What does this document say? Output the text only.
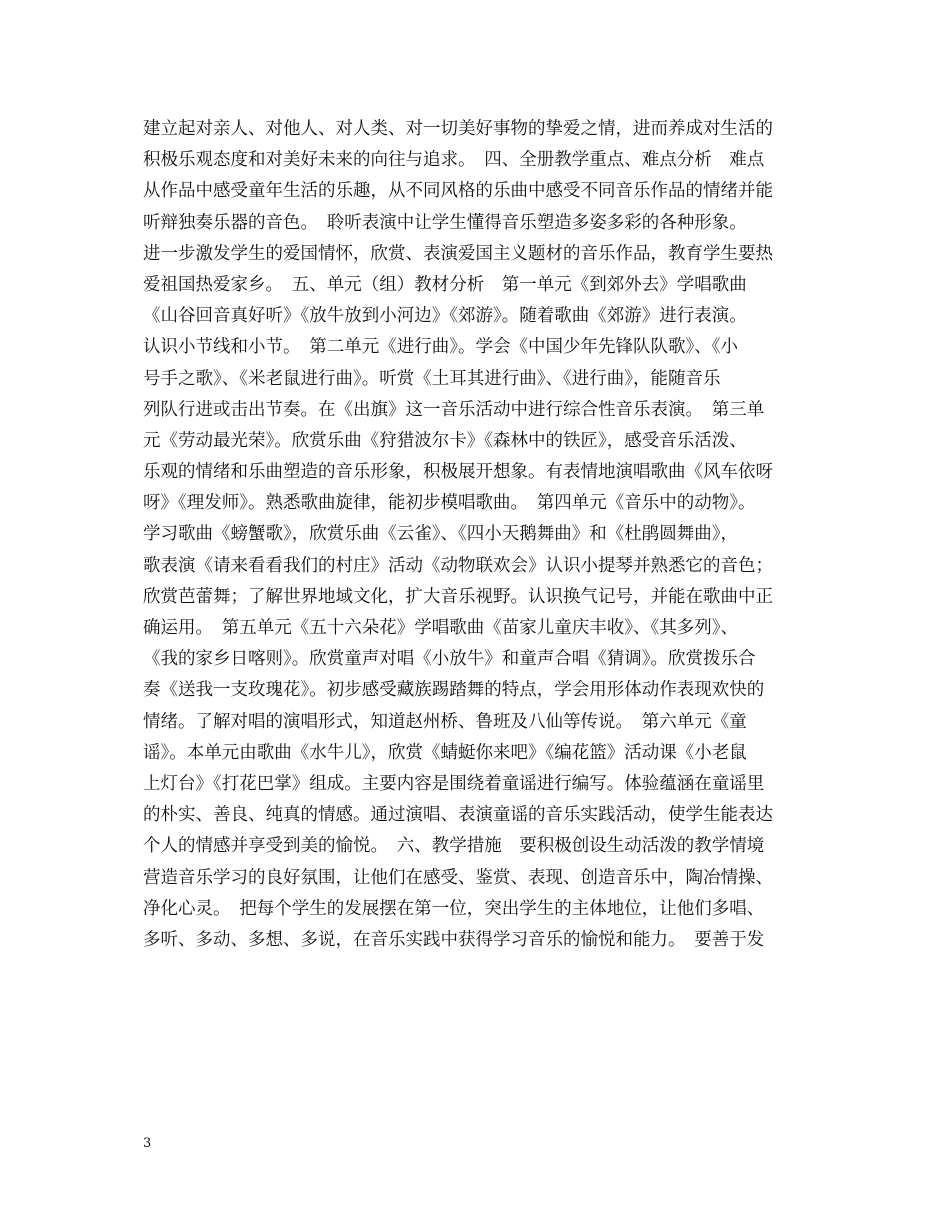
建立起对亲人、对他人、对人类、对一切美好事物的挚爱之情，进而养成对生活的
积极乐观态度和对美好未来的向往与追求。　四、全册教学重点、难点分析　难点
从作品中感受童年生活的乐趣，从不同风格的乐曲中感受不同音乐作品的情绪并能
听辩独奏乐器的音色。　聆听表演中让学生懂得音乐塑造多姿多彩的各种形象。
进一步激发学生的爱国情怀，欣赏、表演爱国主义题材的音乐作品，教育学生要热
爱祖国热爱家乡。　五、单元（组）教材分析　第一单元《到郊外去》学唱歌曲
《山谷回音真好听》《放牛放到小河边》《郊游》。随着歌曲《郊游》进行表演。
认识小节线和小节。　第二单元《进行曲》。学会《中国少年先锋队队歌》、《小
号手之歌》、《米老鼠进行曲》。听赏《土耳其进行曲》、《进行曲》，能随音乐
列队行进或击出节奏。在《出旗》这一音乐活动中进行综合性音乐表演。　第三单
元《劳动最光荣》。欣赏乐曲《狩猎波尔卡》《森林中的铁匠》，感受音乐活泼、
乐观的情绪和乐曲塑造的音乐形象，积极展开想象。有表情地演唱歌曲《风车依呀
呀》《理发师》。熟悉歌曲旋律，能初步模唱歌曲。　第四单元《音乐中的动物》。
学习歌曲《螃蟹歌》，欣赏乐曲《云雀》、《四小天鹅舞曲》和《杜鹃圆舞曲》，
歌表演《请来看看我们的村庄》活动《动物联欢会》认识小提琴并熟悉它的音色；
欣赏芭蕾舞；了解世界地域文化，扩大音乐视野。认识换气记号，并能在歌曲中正
确运用。　第五单元《五十六朵花》学唱歌曲《苗家儿童庆丰收》、《其多列》、
《我的家乡日喀则》。欣赏童声对唱《小放牛》和童声合唱《猜调》。欣赏拨乐合
奏《送我一支玫瑰花》。初步感受藏族踢踏舞的特点，学会用形体动作表现欢快的
情绪。了解对唱的演唱形式，知道赵州桥、鲁班及八仙等传说。　第六单元《童
谣》。本单元由歌曲《水牛儿》，欣赏《蜻蜓你来吧》《编花篮》活动课《小老鼠
上灯台》《打花巴掌》组成。主要内容是围绕着童谣进行编写。体验蕴涵在童谣里
的朴实、善良、纯真的情感。通过演唱、表演童谣的音乐实践活动，使学生能表达
个人的情感并享受到美的愉悦。　六、教学措施　要积极创设生动活泼的教学情境
营造音乐学习的良好氛围，让他们在感受、鉴赏、表现、创造音乐中，陶冶情操、
净化心灵。　把每个学生的发展摆在第一位，突出学生的主体地位，让他们多唱、
多听、多动、多想、多说，在音乐实践中获得学习音乐的愉悦和能力。　要善于发
3
